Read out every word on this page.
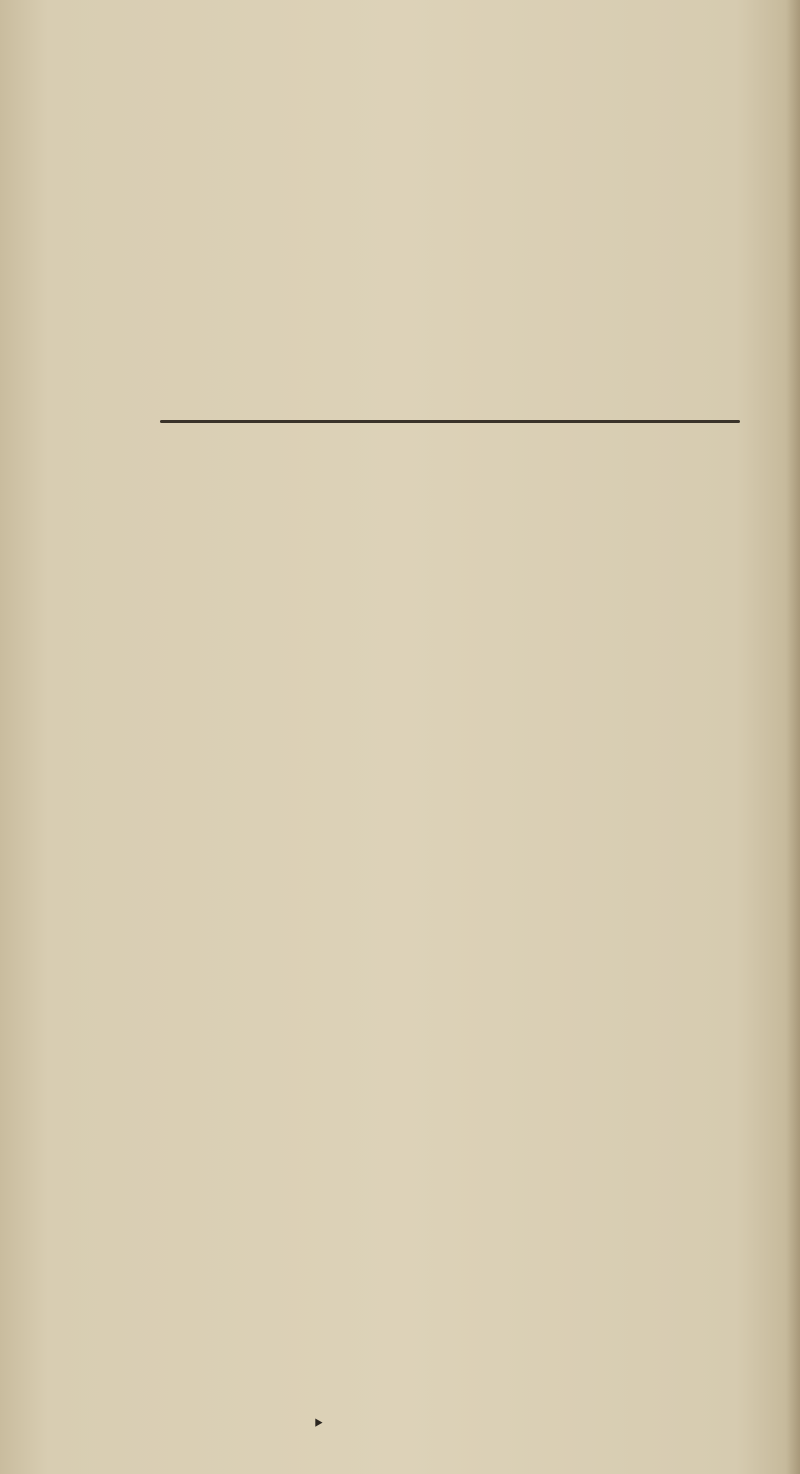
‣
